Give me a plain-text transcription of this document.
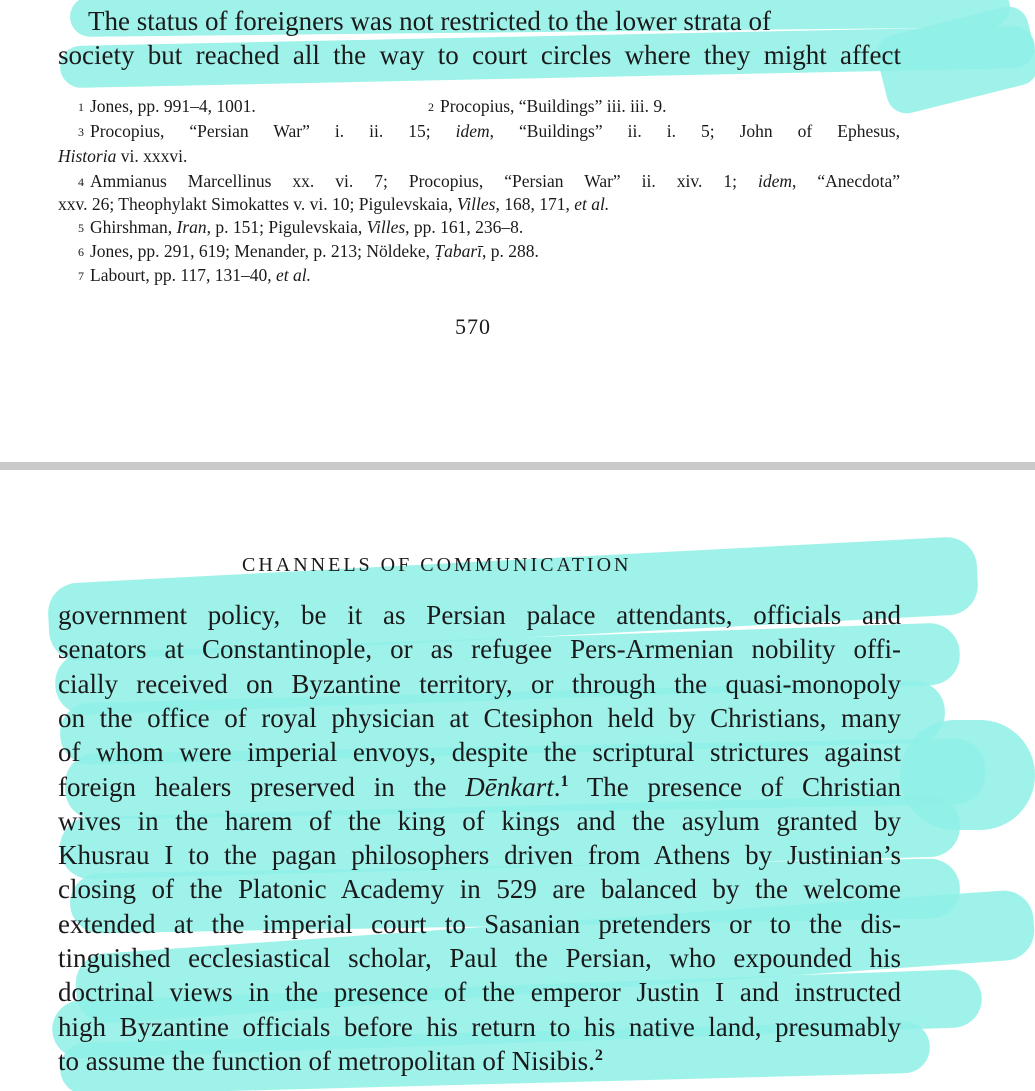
The status of foreigners was not restricted to the lower strata of
society but reached all the way to court circles where they might affect
$^1$ Jones, pp. 991–4, 1001.	$^2$ Procopius, “Buildings” iii. iii. 9.
$^3$ Procopius, “Persian War” i. ii. 15; idem, “Buildings” ii. i. 5; John of Ephesus,
Historia vi. xxxvi.
$^4$ Ammianus Marcellinus xx. vi. 7; Procopius, “Persian War” ii. xiv. 1; idem, “Anecdota”
xxv. 26; Theophylakt Simokattes v. vi. 10; Pigulevskaia, Villes, 168, 171, et al.
$^5$ Ghirshman, Iran, p. 151; Pigulevskaia, Villes, pp. 161, 236–8.
$^6$ Jones, pp. 291, 619; Menander, p. 213; Nöldeke, Ṭabarī, p. 288.
$^7$ Labourt, pp. 117, 131–40, et al.
570
CHANNELS OF COMMUNICATION
government policy, be it as Persian palace attendants, officials and
senators at Constantinople, or as refugee Pers-Armenian nobility offi-
cially received on Byzantine territory, or through the quasi-monopoly
on the office of royal physician at Ctesiphon held by Christians, many
of whom were imperial envoys, despite the scriptural strictures against
foreign healers preserved in the Dēnkart.$^1$ The presence of Christian
wives in the harem of the king of kings and the asylum granted by
Khusrau I to the pagan philosophers driven from Athens by Justinian’s
closing of the Platonic Academy in 529 are balanced by the welcome
extended at the imperial court to Sasanian pretenders or to the dis-
tinguished ecclesiastical scholar, Paul the Persian, who expounded his
doctrinal views in the presence of the emperor Justin I and instructed
high Byzantine officials before his return to his native land, presumably
to assume the function of metropolitan of Nisibis.$^2$
